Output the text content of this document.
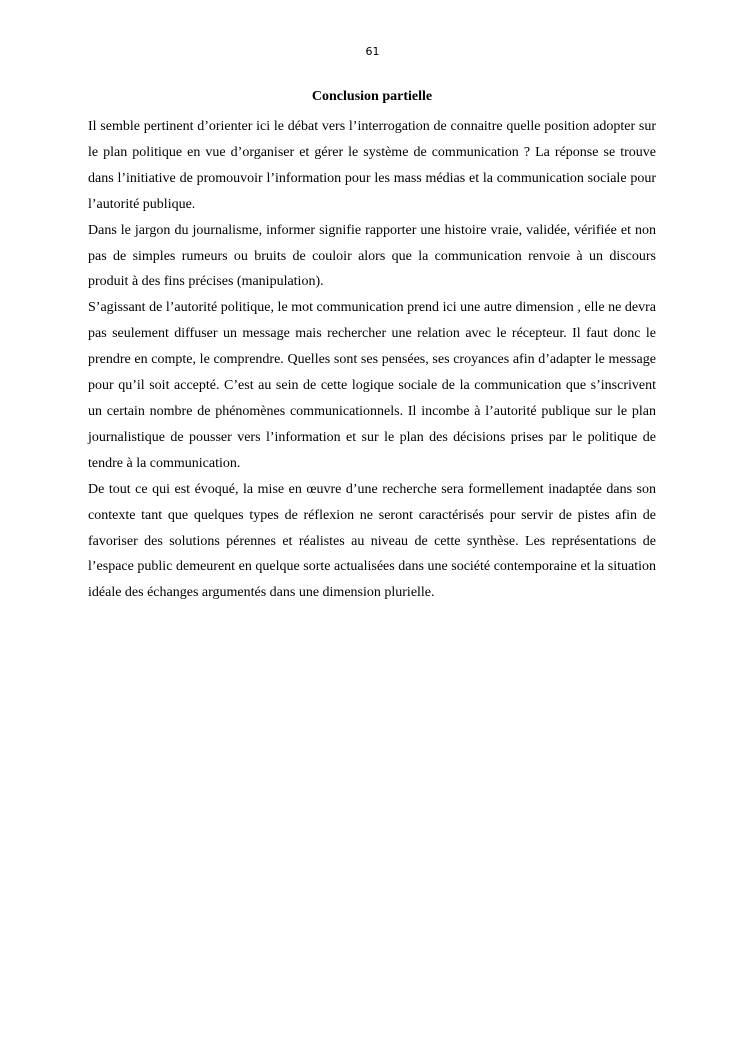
61
Conclusion partielle

Il semble pertinent d’orienter ici le débat vers l’interrogation de connaitre quelle position adopter sur le plan politique en vue d’organiser et gérer le système de communication ? La réponse se trouve dans l’initiative de promouvoir l’information pour les mass médias et la communication sociale pour l’autorité publique.

Dans le jargon du journalisme, informer signifie rapporter une histoire vraie, validée, vérifiée et non pas de simples rumeurs ou bruits de couloir alors que la communication renvoie à un discours produit à des fins précises (manipulation).

S’agissant de l’autorité politique, le mot communication prend ici une autre dimension , elle ne devra pas seulement diffuser un message mais rechercher une relation avec le récepteur. Il faut donc le prendre en compte, le comprendre. Quelles sont ses pensées, ses croyances afin d’adapter le message pour qu’il soit accepté. C’est au sein de cette logique sociale de la communication que s’inscrivent un certain nombre de phénomènes communicationnels. Il incombe à l’autorité publique sur le plan journalistique de pousser vers l’information et sur le plan des décisions prises par le politique de tendre à la communication.

De tout ce qui est évoqué, la mise en œuvre d’une recherche sera formellement inadaptée dans son contexte tant que quelques types de réflexion ne seront caractérisés pour servir de pistes afin de favoriser des solutions pérennes et réalistes au niveau de cette synthèse. Les représentations de l’espace public demeurent en quelque sorte actualisées dans une société contemporaine et la situation idéale des échanges argumentés dans une dimension plurielle.
